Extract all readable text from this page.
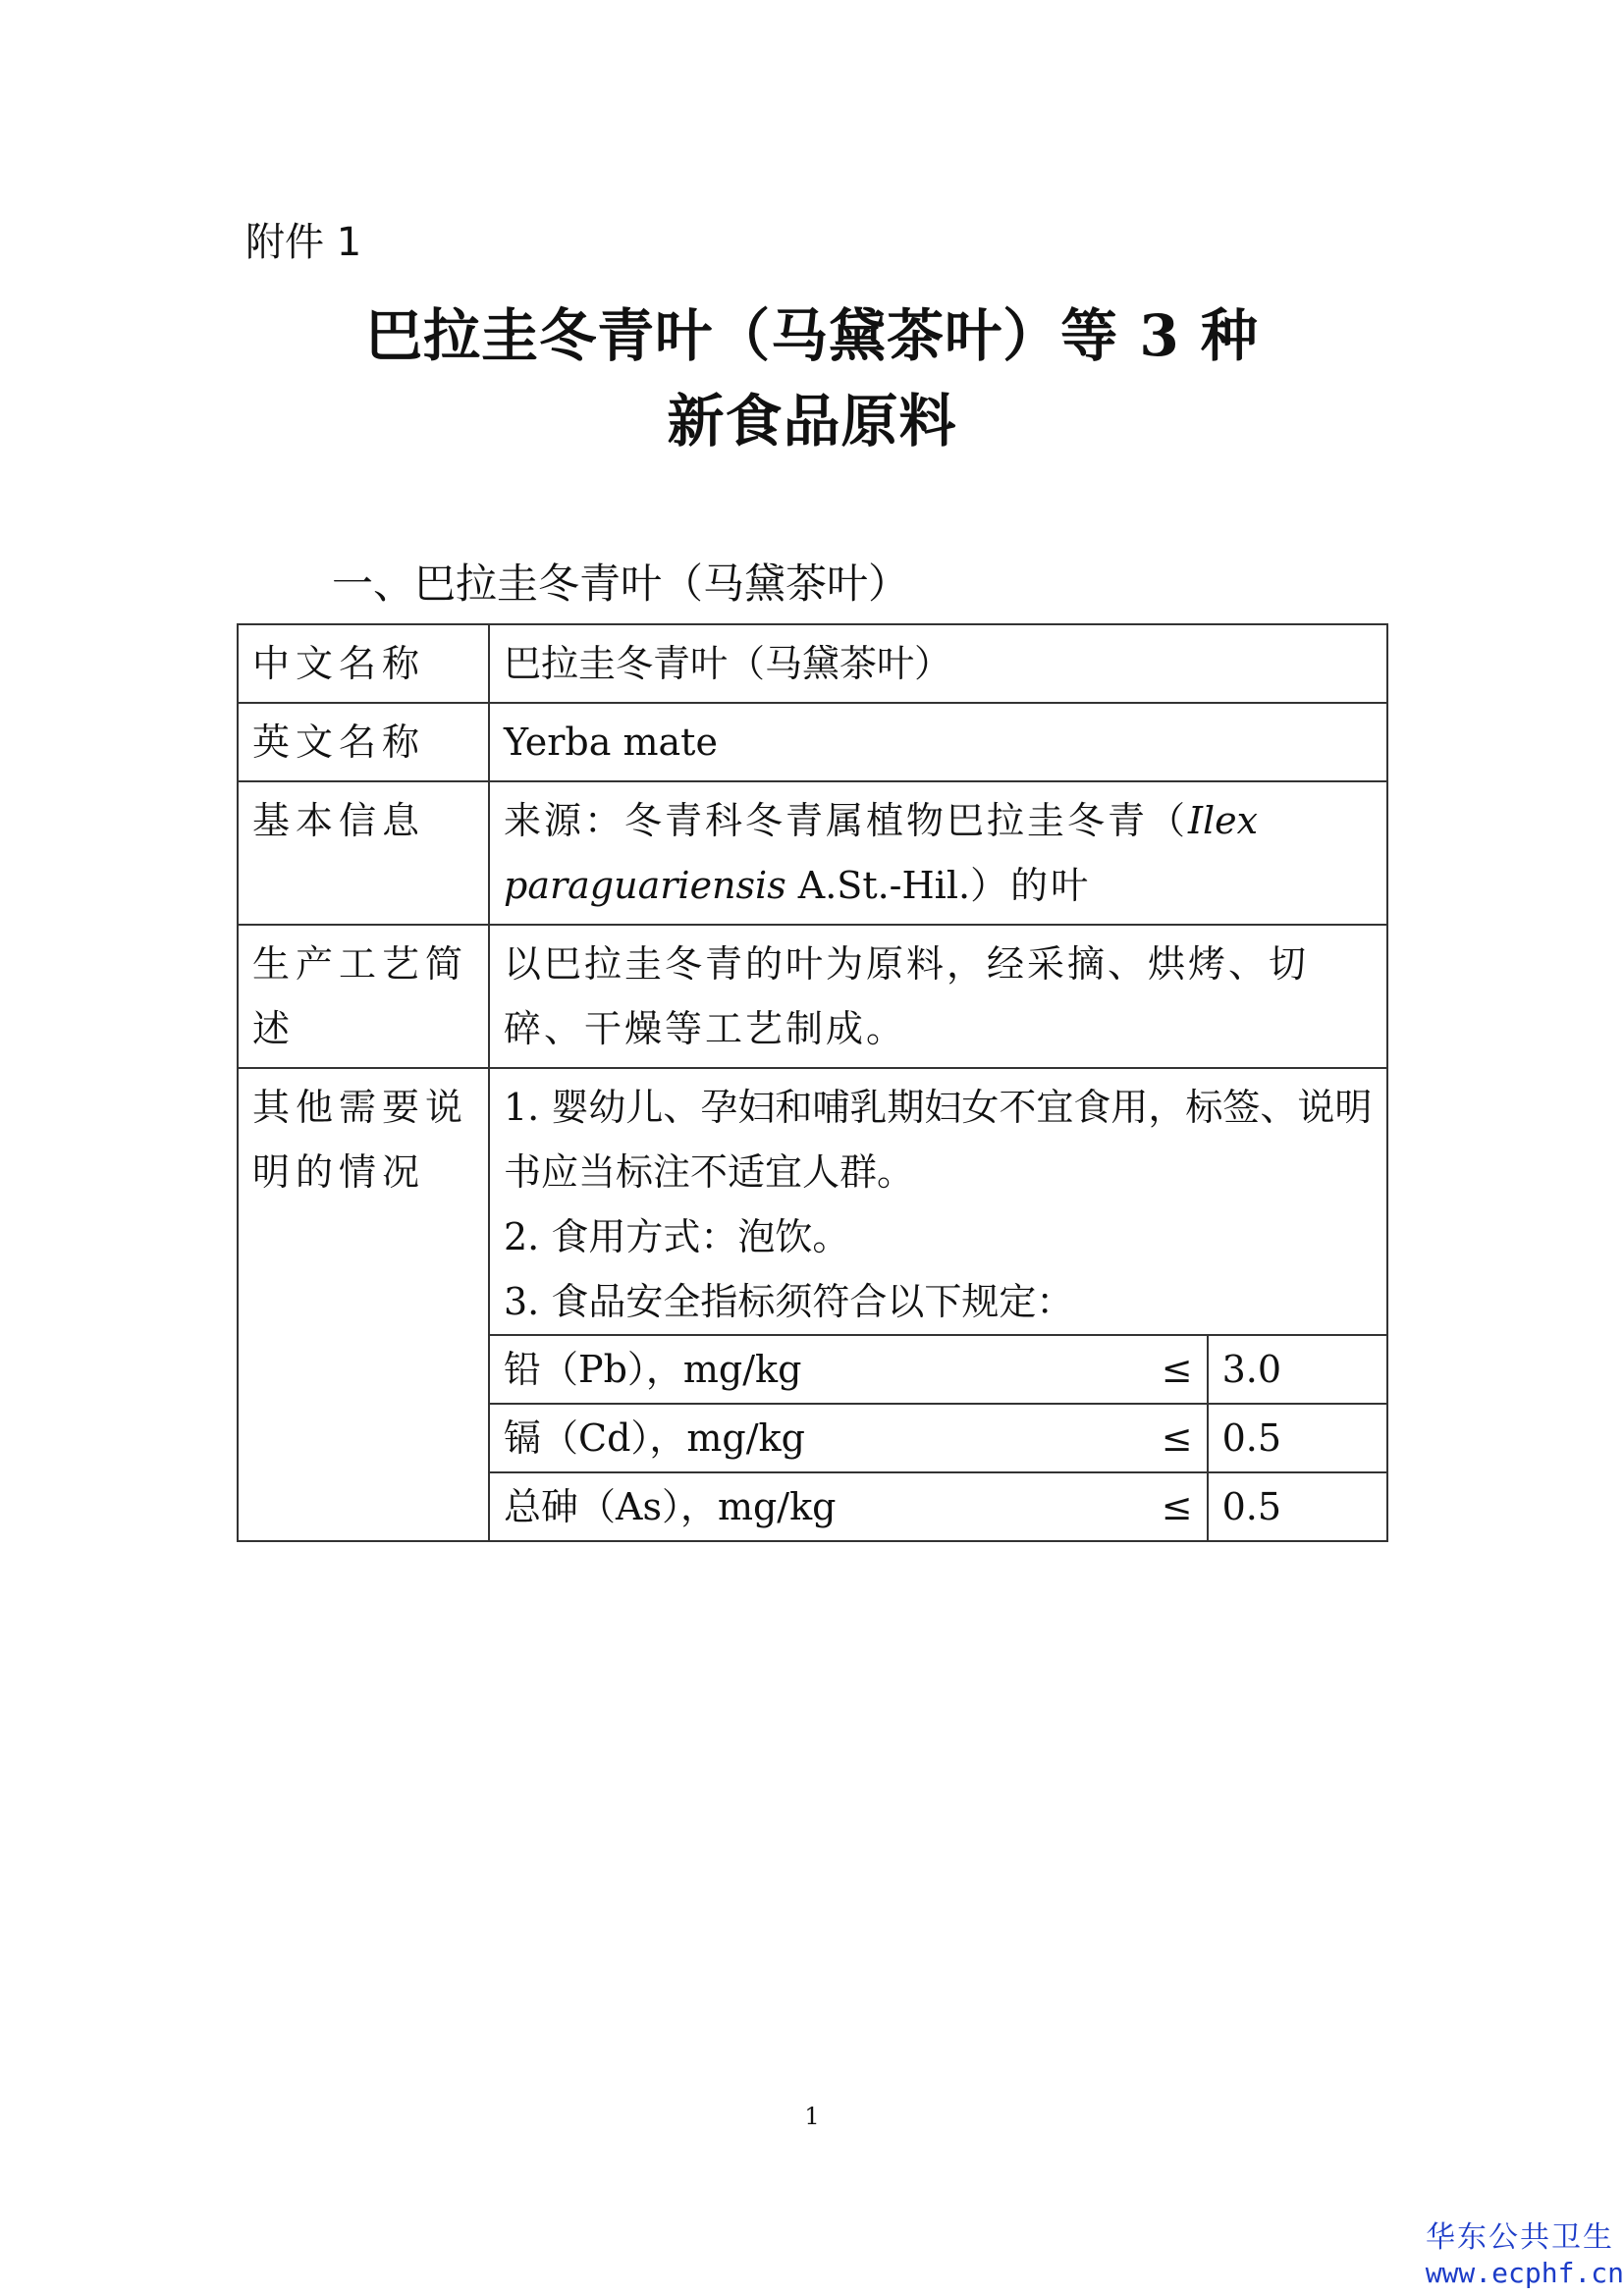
附件 1
巴拉圭冬青叶（马黛茶叶）等 3 种
新食品原料
一、巴拉圭冬青叶（马黛茶叶）
中文名称	巴拉圭冬青叶（马黛茶叶）
英文名称	Yerba mate
基本信息	来源：冬青科冬青属植物巴拉圭冬青（Ilex paraguariensis A.St.-Hil.）的叶
生产工艺简述	以巴拉圭冬青的叶为原料，经采摘、烘烤、切碎、干燥等工艺制成。
其他需要说明的情况	
1. 婴幼儿、孕妇和哺乳期妇女不宜食用，标签、说明书应当标注不适宜人群。
2. 食用方式：泡饮。
3. 食品安全指标须符合以下规定：
铅（Pb），mg/kg	≤	3.0
镉（Cd），mg/kg	≤	0.5
总砷（As），mg/kg	≤	0.5
1
华东公共卫生
www.ecphf.cn
